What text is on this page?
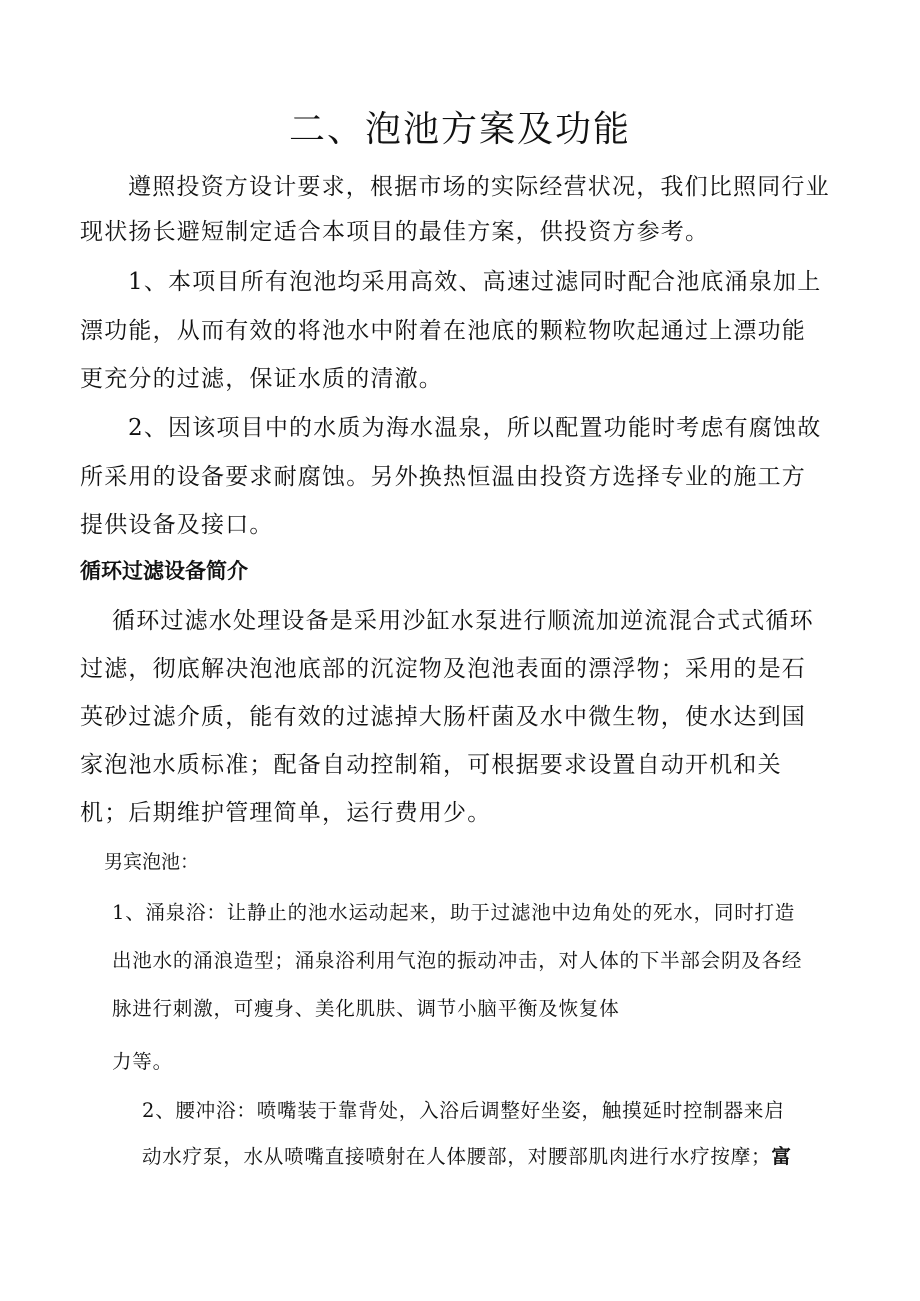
二、泡池方案及功能
遵照投资方设计要求，根据市场的实际经营状况，我们比照同行业
现状扬长避短制定适合本项目的最佳方案，供投资方参考。
1、本项目所有泡池均采用高效、高速过滤同时配合池底涌泉加上
漂功能，从而有效的将池水中附着在池底的颗粒物吹起通过上漂功能
更充分的过滤，保证水质的清澈。
2、因该项目中的水质为海水温泉，所以配置功能时考虑有腐蚀故
所采用的设备要求耐腐蚀。另外换热恒温由投资方选择专业的施工方
提供设备及接口。
循环过滤设备简介
循环过滤水处理设备是采用沙缸水泵进行顺流加逆流混合式式循环
过滤，彻底解决泡池底部的沉淀物及泡池表面的漂浮物；采用的是石
英砂过滤介质，能有效的过滤掉大肠杆菌及水中微生物，使水达到国
家泡池水质标准；配备自动控制箱，可根据要求设置自动开机和关
机；后期维护管理简单，运行费用少。
男宾泡池：
1、涌泉浴：让静止的池水运动起来，助于过滤池中边角处的死水，同时打造
出池水的涌浪造型；涌泉浴利用气泡的振动冲击，对人体的下半部会阴及各经
脉进行刺激，可瘦身、美化肌肤、调节小脑平衡及恢复体
力等。
2、腰冲浴：喷嘴装于靠背处，入浴后调整好坐姿，触摸延时控制器来启
动水疗泵，水从喷嘴直接喷射在人体腰部，对腰部肌肉进行水疗按摩；富
